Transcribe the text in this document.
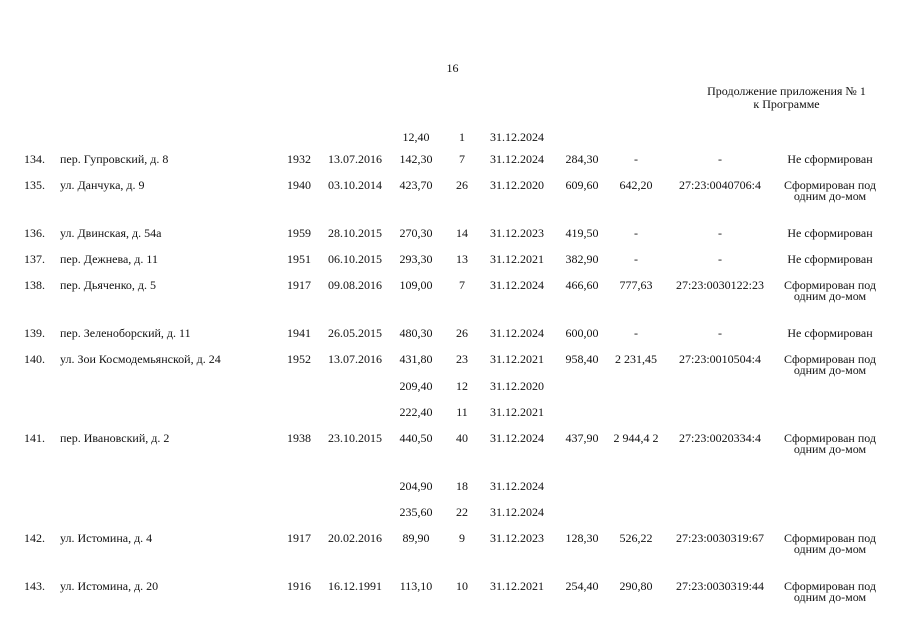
16
Продолжение приложения № 1
к Программе
				12,40	1	31.12.2024				
134.	пер. Гупровский, д. 8	1932	13.07.2016	142,30	7	31.12.2024	284,30	-	-	Не сформирован
135.	ул. Данчука, д. 9	1940	03.10.2014	423,70	26	31.12.2020	609,60	642,20	27:23:0040706:4	Сформирован под одним до-мом
136.	ул. Двинская, д. 54а	1959	28.10.2015	270,30	14	31.12.2023	419,50	-	-	Не сформирован
137.	пер. Дежнева, д. 11	1951	06.10.2015	293,30	13	31.12.2021	382,90	-	-	Не сформирован
138.	пер. Дьяченко, д. 5	1917	09.08.2016	109,00	7	31.12.2024	466,60	777,63	27:23:0030122:23	Сформирован под одним до-мом
139.	пер. Зеленоборский, д. 11	1941	26.05.2015	480,30	26	31.12.2024	600,00	-	-	Не сформирован
140.	ул. Зои Космодемьянской, д. 24	1952	13.07.2016	431,80	23	31.12.2021	958,40	2 231,45	27:23:0010504:4	Сформирован под одним до-мом
				209,40	12	31.12.2020				
				222,40	11	31.12.2021				
141.	пер. Ивановский, д. 2	1938	23.10.2015	440,50	40	31.12.2024	437,90	2 944,4 2	27:23:0020334:4	Сформирован под одним до-мом
				204,90	18	31.12.2024				
				235,60	22	31.12.2024				
142.	ул. Истомина, д. 4	1917	20.02.2016	89,90	9	31.12.2023	128,30	526,22	27:23:0030319:67	Сформирован под одним до-мом
143.	ул. Истомина, д. 20	1916	16.12.1991	113,10	10	31.12.2021	254,40	290,80	27:23:0030319:44	Сформирован под одним до-мом
